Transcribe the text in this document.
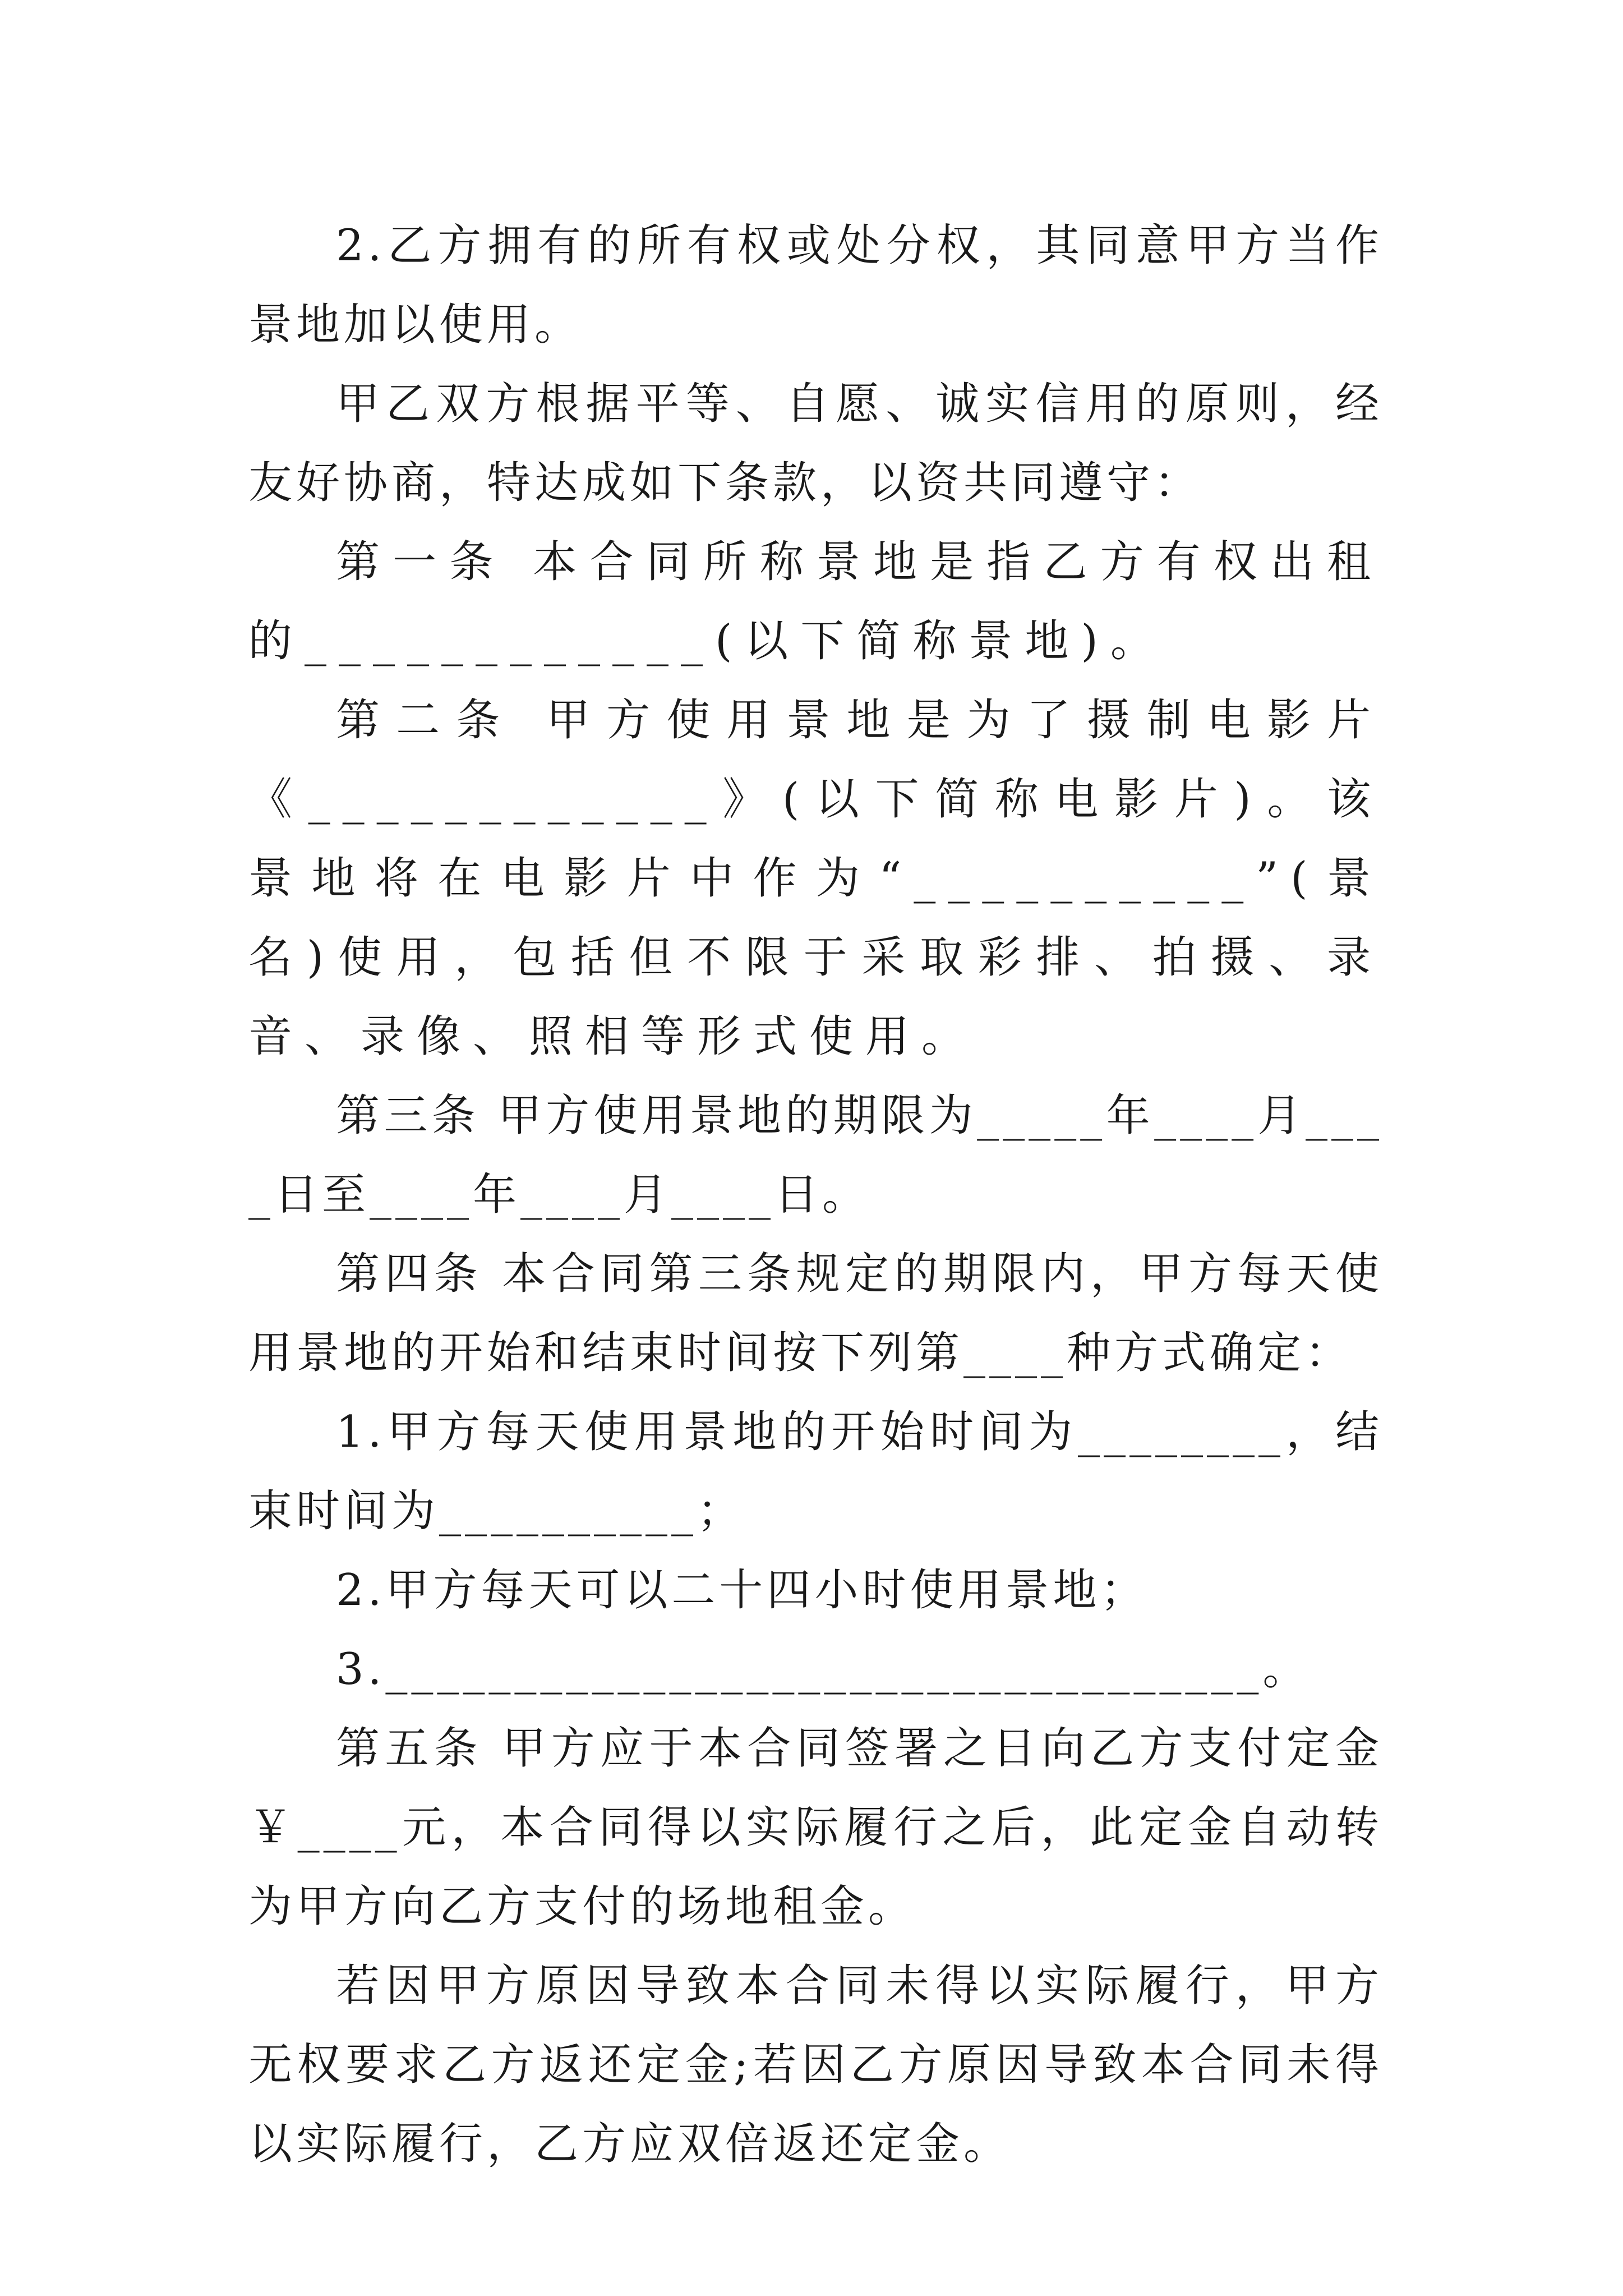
2.乙方拥有的所有权或处分权，其同意甲方当作景地加以使用。

甲乙双方根据平等、自愿、诚实信用的原则，经友好协商，特达成如下条款，以资共同遵守：

第一条 本合同所称景地是指乙方有权出租的____________(以下简称景地)。

第二条 甲方使用景地是为了摄制电影片《____________》(以下简称电影片)。该景地将在电影片中作为“__________”(景名)使用，包括但不限于采取彩排、拍摄、录音、录像、照相等形式使用。

第三条 甲方使用景地的期限为_____年____月____日至____年____月____日。

第四条 本合同第三条规定的期限内，甲方每天使用景地的开始和结束时间按下列第____种方式确定：

1.甲方每天使用景地的开始时间为________，结束时间为__________；

2.甲方每天可以二十四小时使用景地；

3.__________________________________。

第五条 甲方应于本合同签署之日向乙方支付定金￥____元，本合同得以实际履行之后，此定金自动转为甲方向乙方支付的场地租金。

若因甲方原因导致本合同未得以实际履行，甲方无权要求乙方返还定金;若因乙方原因导致本合同未得以实际履行，乙方应双倍返还定金。
